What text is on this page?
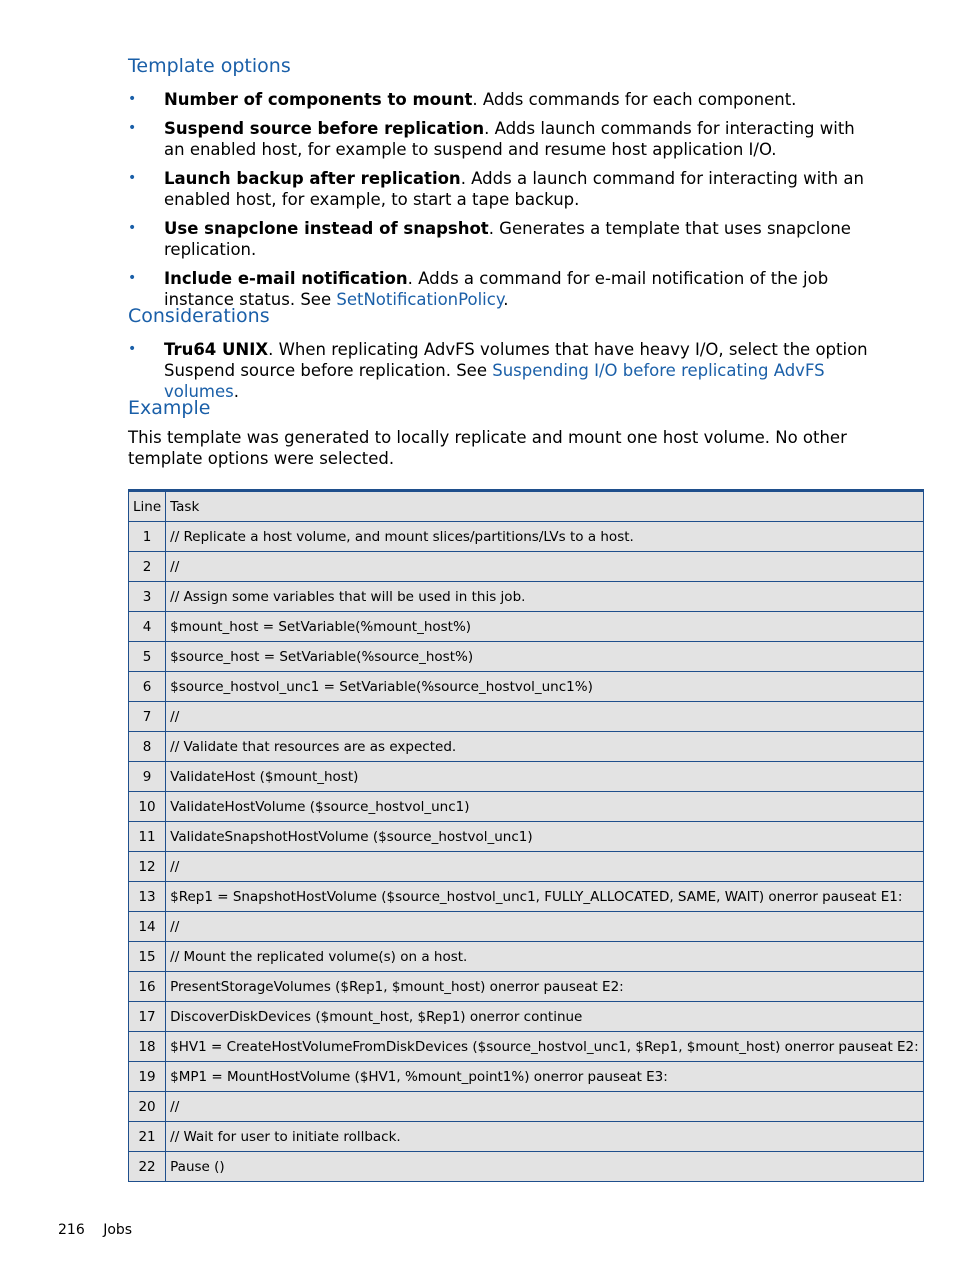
Template options
• Number of components to mount. Adds commands for each component.
• Suspend source before replication. Adds launch commands for interacting with an enabled host, for example to suspend and resume host application I/O.
• Launch backup after replication. Adds a launch command for interacting with an enabled host, for example, to start a tape backup.
• Use snapclone instead of snapshot. Generates a template that uses snapclone replication.
• Include e-mail notification. Adds a command for e-mail notification of the job instance status. See SetNotificationPolicy.
Considerations
• Tru64 UNIX. When replicating AdvFS volumes that have heavy I/O, select the option Suspend source before replication. See Suspending I/O before replicating AdvFS volumes.
Example

This template was generated to locally replicate and mount one host volume. No other template options were selected.

Line	Task
1	// Replicate a host volume, and mount slices/partitions/LVs to a host.
2	//
3	// Assign some variables that will be used in this job.
4	$mount_host = SetVariable(%mount_host%)
5	$source_host = SetVariable(%source_host%)
6	$source_hostvol_unc1 = SetVariable(%source_hostvol_unc1%)
7	//
8	// Validate that resources are as expected.
9	ValidateHost ($mount_host)
10	ValidateHostVolume ($source_hostvol_unc1)
11	ValidateSnapshotHostVolume ($source_hostvol_unc1)
12	//
13	$Rep1 = SnapshotHostVolume ($source_hostvol_unc1, FULLY_ALLOCATED, SAME, WAIT) onerror pauseat E1:
14	//
15	// Mount the replicated volume(s) on a host.
16	PresentStorageVolumes ($Rep1, $mount_host) onerror pauseat E2:
17	DiscoverDiskDevices ($mount_host, $Rep1) onerror continue
18	$HV1 = CreateHostVolumeFromDiskDevices ($source_hostvol_unc1, $Rep1, $mount_host) onerror pauseat E2:
19	$MP1 = MountHostVolume ($HV1, %mount_point1%) onerror pauseat E3:
20	//
21	// Wait for user to initiate rollback.
22	Pause ()
216 Jobs
